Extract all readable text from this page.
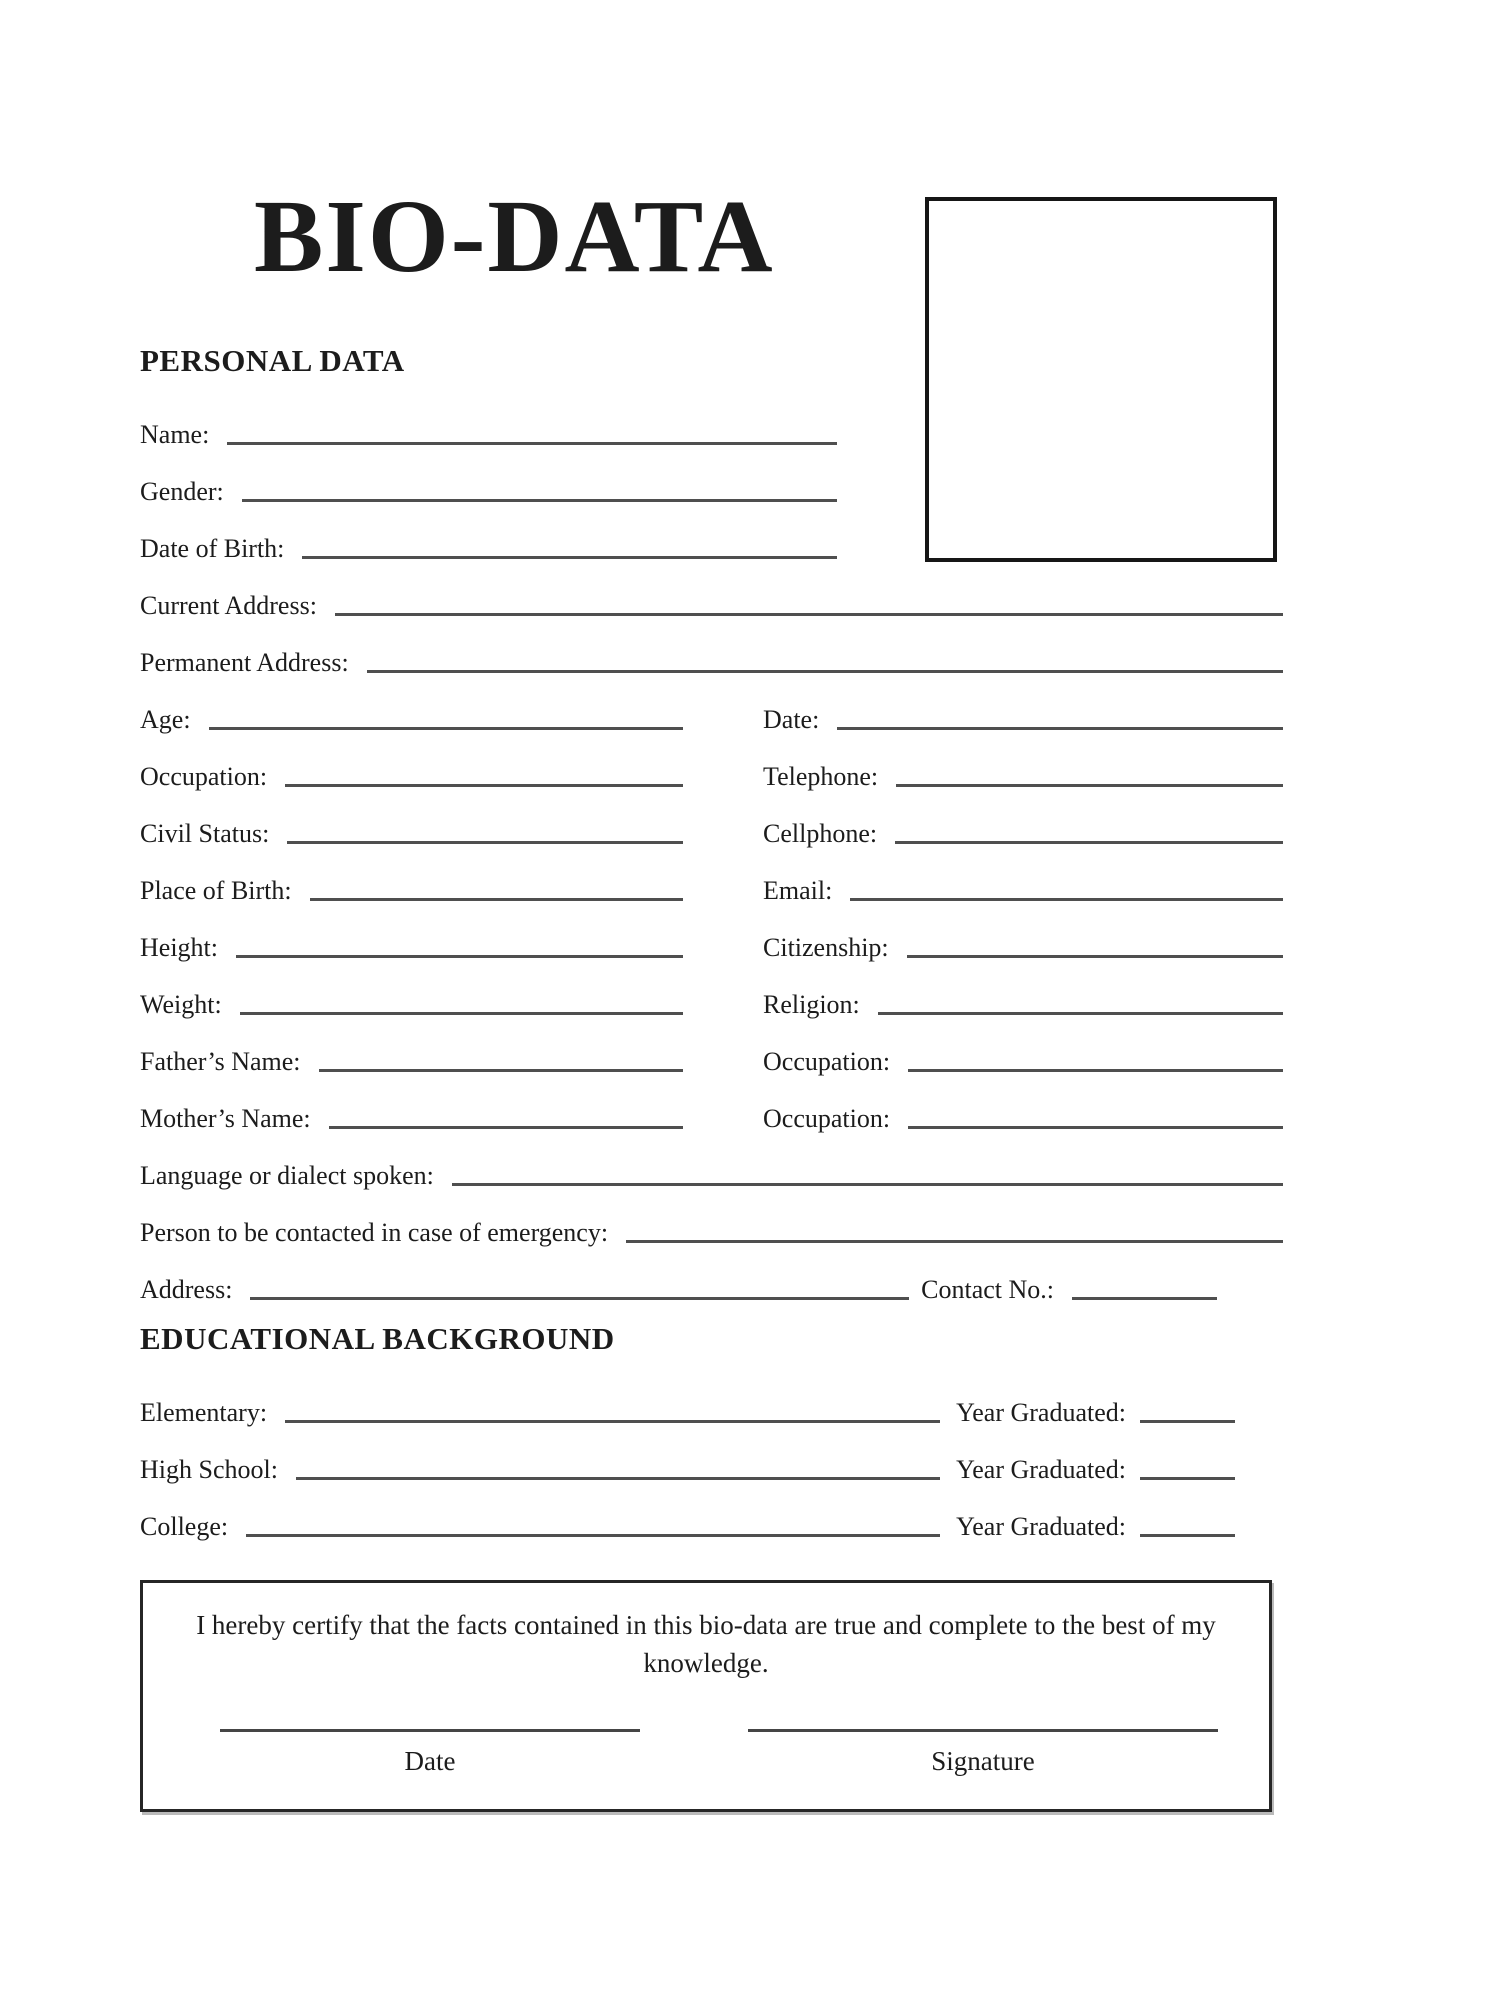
BIO-DATA
PERSONAL DATA
Name:
Gender:
Date of Birth:
Current Address:
Permanent Address:
Age:	Date:
Occupation:	Telephone:
Civil Status:	Cellphone:
Place of Birth:	Email:
Height:	Citizenship:
Weight:	Religion:
Father’s Name:	Occupation:
Mother’s Name:	Occupation:
Language or dialect spoken:
Person to be contacted in case of emergency:
Address:	Contact No.:
EDUCATIONAL BACKGROUND
Elementary:	Year Graduated:
High School:	Year Graduated:
College:	Year Graduated:
I hereby certify that the facts contained in this bio-data are true and complete to the best of my knowledge.
Date	Signature
